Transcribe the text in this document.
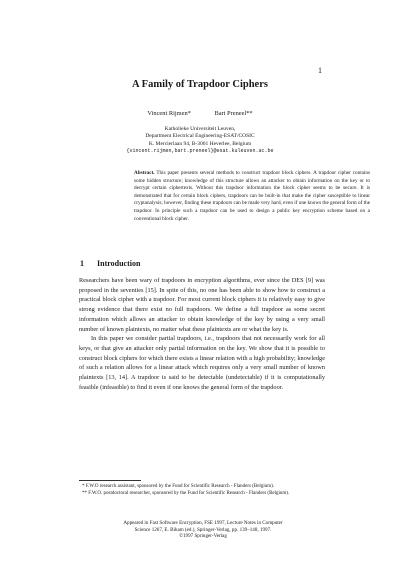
1
A Family of Trapdoor Ciphers
Vincent Rijmen*	Bart Preneel**
Katholieke Universiteit Leuven,
Department Electrical Engineering-ESAT/COSIC
K. Mercierlaan 94, B-3001 Heverlee, Belgium
{vincent.rijmen,bart.preneel}@esat.kuleuven.ac.be
Abstract. This paper presents several methods to construct trapdoor block ciphers. A trapdoor cipher contains some hidden structure; knowledge of this structure allows an attacker to obtain information on the key or to decrypt certain ciphertexts. Without this trapdoor information the block cipher seems to be secure. It is demonstrated that for certain block ciphers, trapdoors can be built-in that make the cipher susceptible to linear cryptanalysis; however, finding these trapdoors can be made very hard, even if one knows the general form of the trapdoor. In principle such a trapdoor can be used to design a public key encryption scheme based on a conventional block cipher.
1 Introduction

Researchers have been wary of trapdoors in encryption algorithms, ever since the DES [9] was proposed in the seventies [15]. In spite of this, no one has been able to show how to construct a practical block cipher with a trapdoor. For most current block ciphers it is relatively easy to give strong evidence that there exist no full trapdoors. We define a full trapdoor as some secret information which allows an attacker to obtain knowledge of the key by using a very small number of known plaintexts, no matter what these plaintexts are or what the key is.

In this paper we consider partial trapdoors, i.e., trapdoors that not necessarily work for all keys, or that give an attacker only partial information on the key. We show that it is possible to construct block ciphers for which there exists a linear relation with a high probability; knowledge of such a relation allows for a linear attack which requires only a very small number of known plaintexts [13, 14]. A trapdoor is said to be detectable (undetectable) if it is computationally feasible (infeasible) to find it even if one knows the general form of the trapdoor.

* F.W.O research assistant, sponsored by the Fund for Scientific Research - Flanders (Belgium).
** F.W.O. postdoctoral researcher, sponsored by the Fund for Scientific Research - Flanders (Belgium).
Appeared in Fast Software Encryption, FSE 1997, Lecture Notes in Computer
Science 1267, E. Biham (ed.), Springer-Verlag, pp. 139–148, 1997.
©1997 Springer-Verlag
